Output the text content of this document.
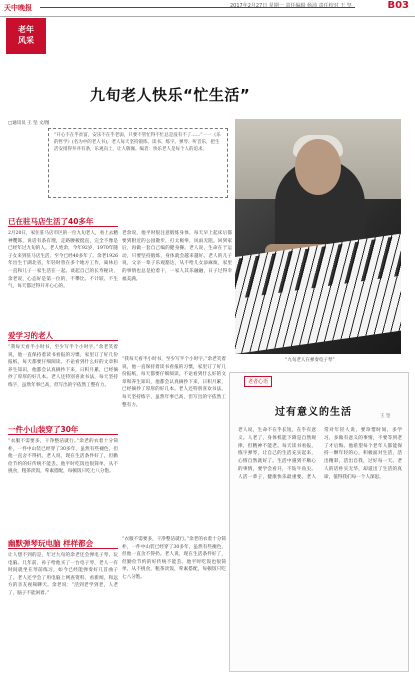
天中晚报	2017年2月27日 星期一 责任编辑 杨沛 责任校对 王 坚	B03
老年
风采
九旬老人快乐“忙生活”
□通讯员 王 坚 文/图
“开心不在乎贫富，安乐不在乎老弱，只要不管忙得不忙总是没有不了……”一一《乐的哲学》(名为中的老人书)，老人每天坚持锻炼、读书、练字、弹琴、听音乐，把生活安排得井井有条，乐观向上，让人敬佩。编者：快乐老人是每个人的追求。
“九旬老人在弹奏电子琴”
已在驻马店生活了40多年
2月20日，家住驻马店市区的一位九旬老人，看上去精神矍铄，说话有条有理，走路腰板挺直，完全不像是已经年过九旬的人。老人姓余，今年92岁，1970年随子女来到驻马店生活，至今已经40多年了。余老1926年出生于湖北省，年轻时曾在多个地方工作，离休后一直和儿子一家生活在一起。谈起自己的长寿秘诀，余老说，心态好是第一位的，不攀比、不计较、不生气，每天都过得开开心心的。
老余说，他平时很注意锻炼身体，每天早上起床后都要到附近的公园散步，打太极拳，风雨无阻。回到家后，再做一套自己编的健身操。老人说，生命在于运动，只要坚持锻炼，身体就会越来越好。老人的儿子说，父亲一辈子乐观豁达，从不给儿女添麻烦，家里的事情也总是抢着干，一家人其乐融融，日子过得幸福美满。
爱学习的老人
“我每天看半小时书，至少写半个小时字。”余老笑着说，他一直保持着读书看报的习惯，家里订了好几份报纸，每天都要仔细阅读。不论看到什么好的文章和养生知识，他都会认真摘抄下来，日积月累，已经摘抄了厚厚的好几本。老人还特别喜欢书法，每天坚持练字，虽然年事已高，但写出的字依然工整有力。
一件小山装穿了30年
“衣服不需要多，干净整洁就行。”余老的衣着十分简朴，一件中山装已经穿了30多年，虽然有些褪色，但他一直舍不得扔。老人说，现在生活条件好了，但勤俭节约的好传统不能丢。他平时吃饭也很简单，从不挑食，粗茶淡饭，荤素搭配，每顿饭只吃七八分饱。
“我每天看半小时书，至少写半个小时字。”余老笑着说，他一直保持着读书看报的习惯，家里订了好几份报纸，每天都要仔细阅读。不论看到什么好的文章和养生知识，他都会认真摘抄下来，日积月累，已经摘抄了厚厚的好几本。老人还特别喜欢书法，每天坚持练字，虽然年事已高，但写出的字依然工整有力。
幽默弹琴玩电脑 样样都会
让人想不到的是，年过九旬的余老还会弹电子琴、玩电脑。几年前，孙子给他买了一台电子琴，老人一有时间就坐在琴前练习，如今已经能弹奏好几首曲子了。老人还学会了用电脑上网查资料、看新闻，和远方的亲友视频聊天。余老说：“活到老学到老，人老了，脑子不能闲着。”
“衣服不需要多，干净整洁就行。”余老的衣着十分简朴，一件中山装已经穿了30多年，虽然有些褪色，但他一直舍不得扔。老人说，现在生活条件好了，但勤俭节约的好传统不能丢。他平时吃饭也很简单，从不挑食，粗茶淡饭，荤素搭配，每顿饭只吃七八分饱。
老者心语
过有意义的生活	王 坚
老人说，生命不在乎长短，在乎有意义。人老了，身体机能下降是自然规律，但精神不能老。每天读书看报，练字弹琴，让自己的生活充实起来，心情自然就好了。生活中遇到不顺心的事情，要学会看开，不钻牛角尖。人活一辈子，健康快乐最重要。老人常对年轻人说，要珍惜时间，多学习，多做有意义的事情，不要等到老了才后悔。他希望每个老年人都能保持一颗年轻的心，积极面对生活，活出精彩，活出自我，过好每一天。老人的话朴实无华，却道出了生活的真谛，值得我们每一个人深思。
